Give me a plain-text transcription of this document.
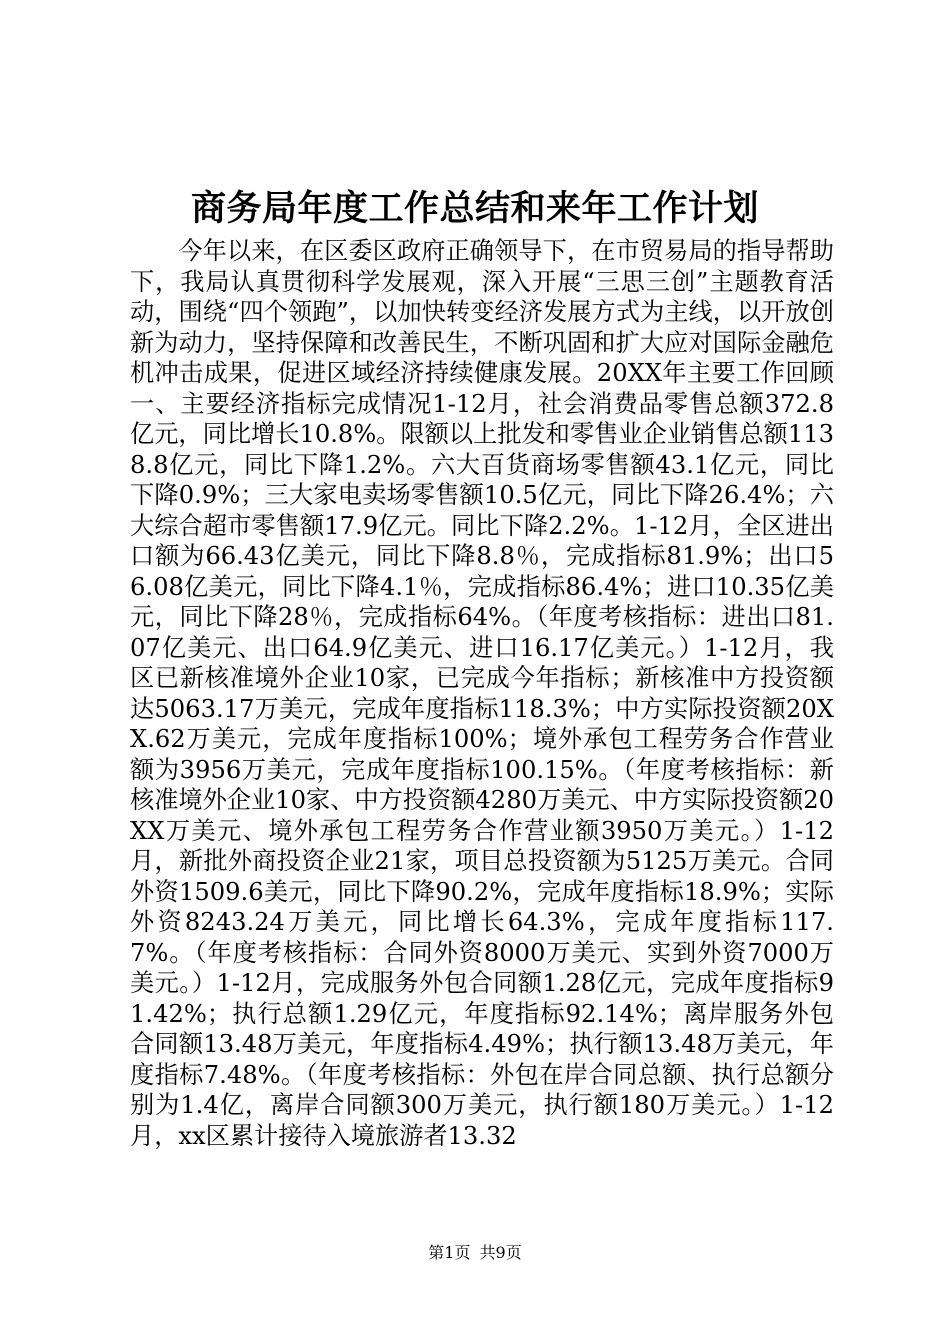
商务局年度工作总结和来年工作计划

今年以来，在区委区政府正确领导下，在市贸易局的指导帮助下，我局认真贯彻科学发展观，深入开展“三思三创”主题教育活动，围绕“四个领跑”，以加快转变经济发展方式为主线，以开放创新为动力，坚持保障和改善民生，不断巩固和扩大应对国际金融危机冲击成果，促进区域经济持续健康发展。20XX年主要工作回顾一、主要经济指标完成情况1-12月，社会消费品零售总额372.8亿元，同比增长10.8%。限额以上批发和零售业企业销售总额1138.8亿元，同比下降1.2%。六大百货商场零售额43.1亿元，同比下降0.9%；三大家电卖场零售额10.5亿元，同比下降26.4%；六大综合超市零售额17.9亿元。同比下降2.2%。1-12月，全区进出口额为66.43亿美元，同比下降8.8％，完成指标81.9%；出口56.08亿美元，同比下降4.1％，完成指标86.4%；进口10.35亿美元，同比下降28％，完成指标64%。（年度考核指标：进出口81.07亿美元、出口64.9亿美元、进口16.17亿美元。）1-12月，我区已新核准境外企业10家，已完成今年指标；新核准中方投资额达5063.17万美元，完成年度指标118.3%；中方实际投资额20XX.62万美元，完成年度指标100%；境外承包工程劳务合作营业额为3956万美元，完成年度指标100.15%。（年度考核指标：新核准境外企业10家、中方投资额4280万美元、中方实际投资额20XX万美元、境外承包工程劳务合作营业额3950万美元。）1-12月，新批外商投资企业21家，项目总投资额为5125万美元。合同外资1509.6美元，同比下降90.2%，完成年度指标18.9%；实际外资8243.24万美元，同比增长64.3%，完成年度指标117.7%。（年度考核指标：合同外资8000万美元、实到外资7000万美元。）1-12月，完成服务外包合同额1.28亿元，完成年度指标91.42%；执行总额1.29亿元，年度指标92.14%；离岸服务外包合同额13.48万美元，年度指标4.49%；执行额13.48万美元，年度指标7.48%。（年度考核指标：外包在岸合同总额、执行总额分别为1.4亿，离岸合同额300万美元，执行额180万美元。）1-12月，xx区累计接待入境旅游者13.32

第1页 共9页
